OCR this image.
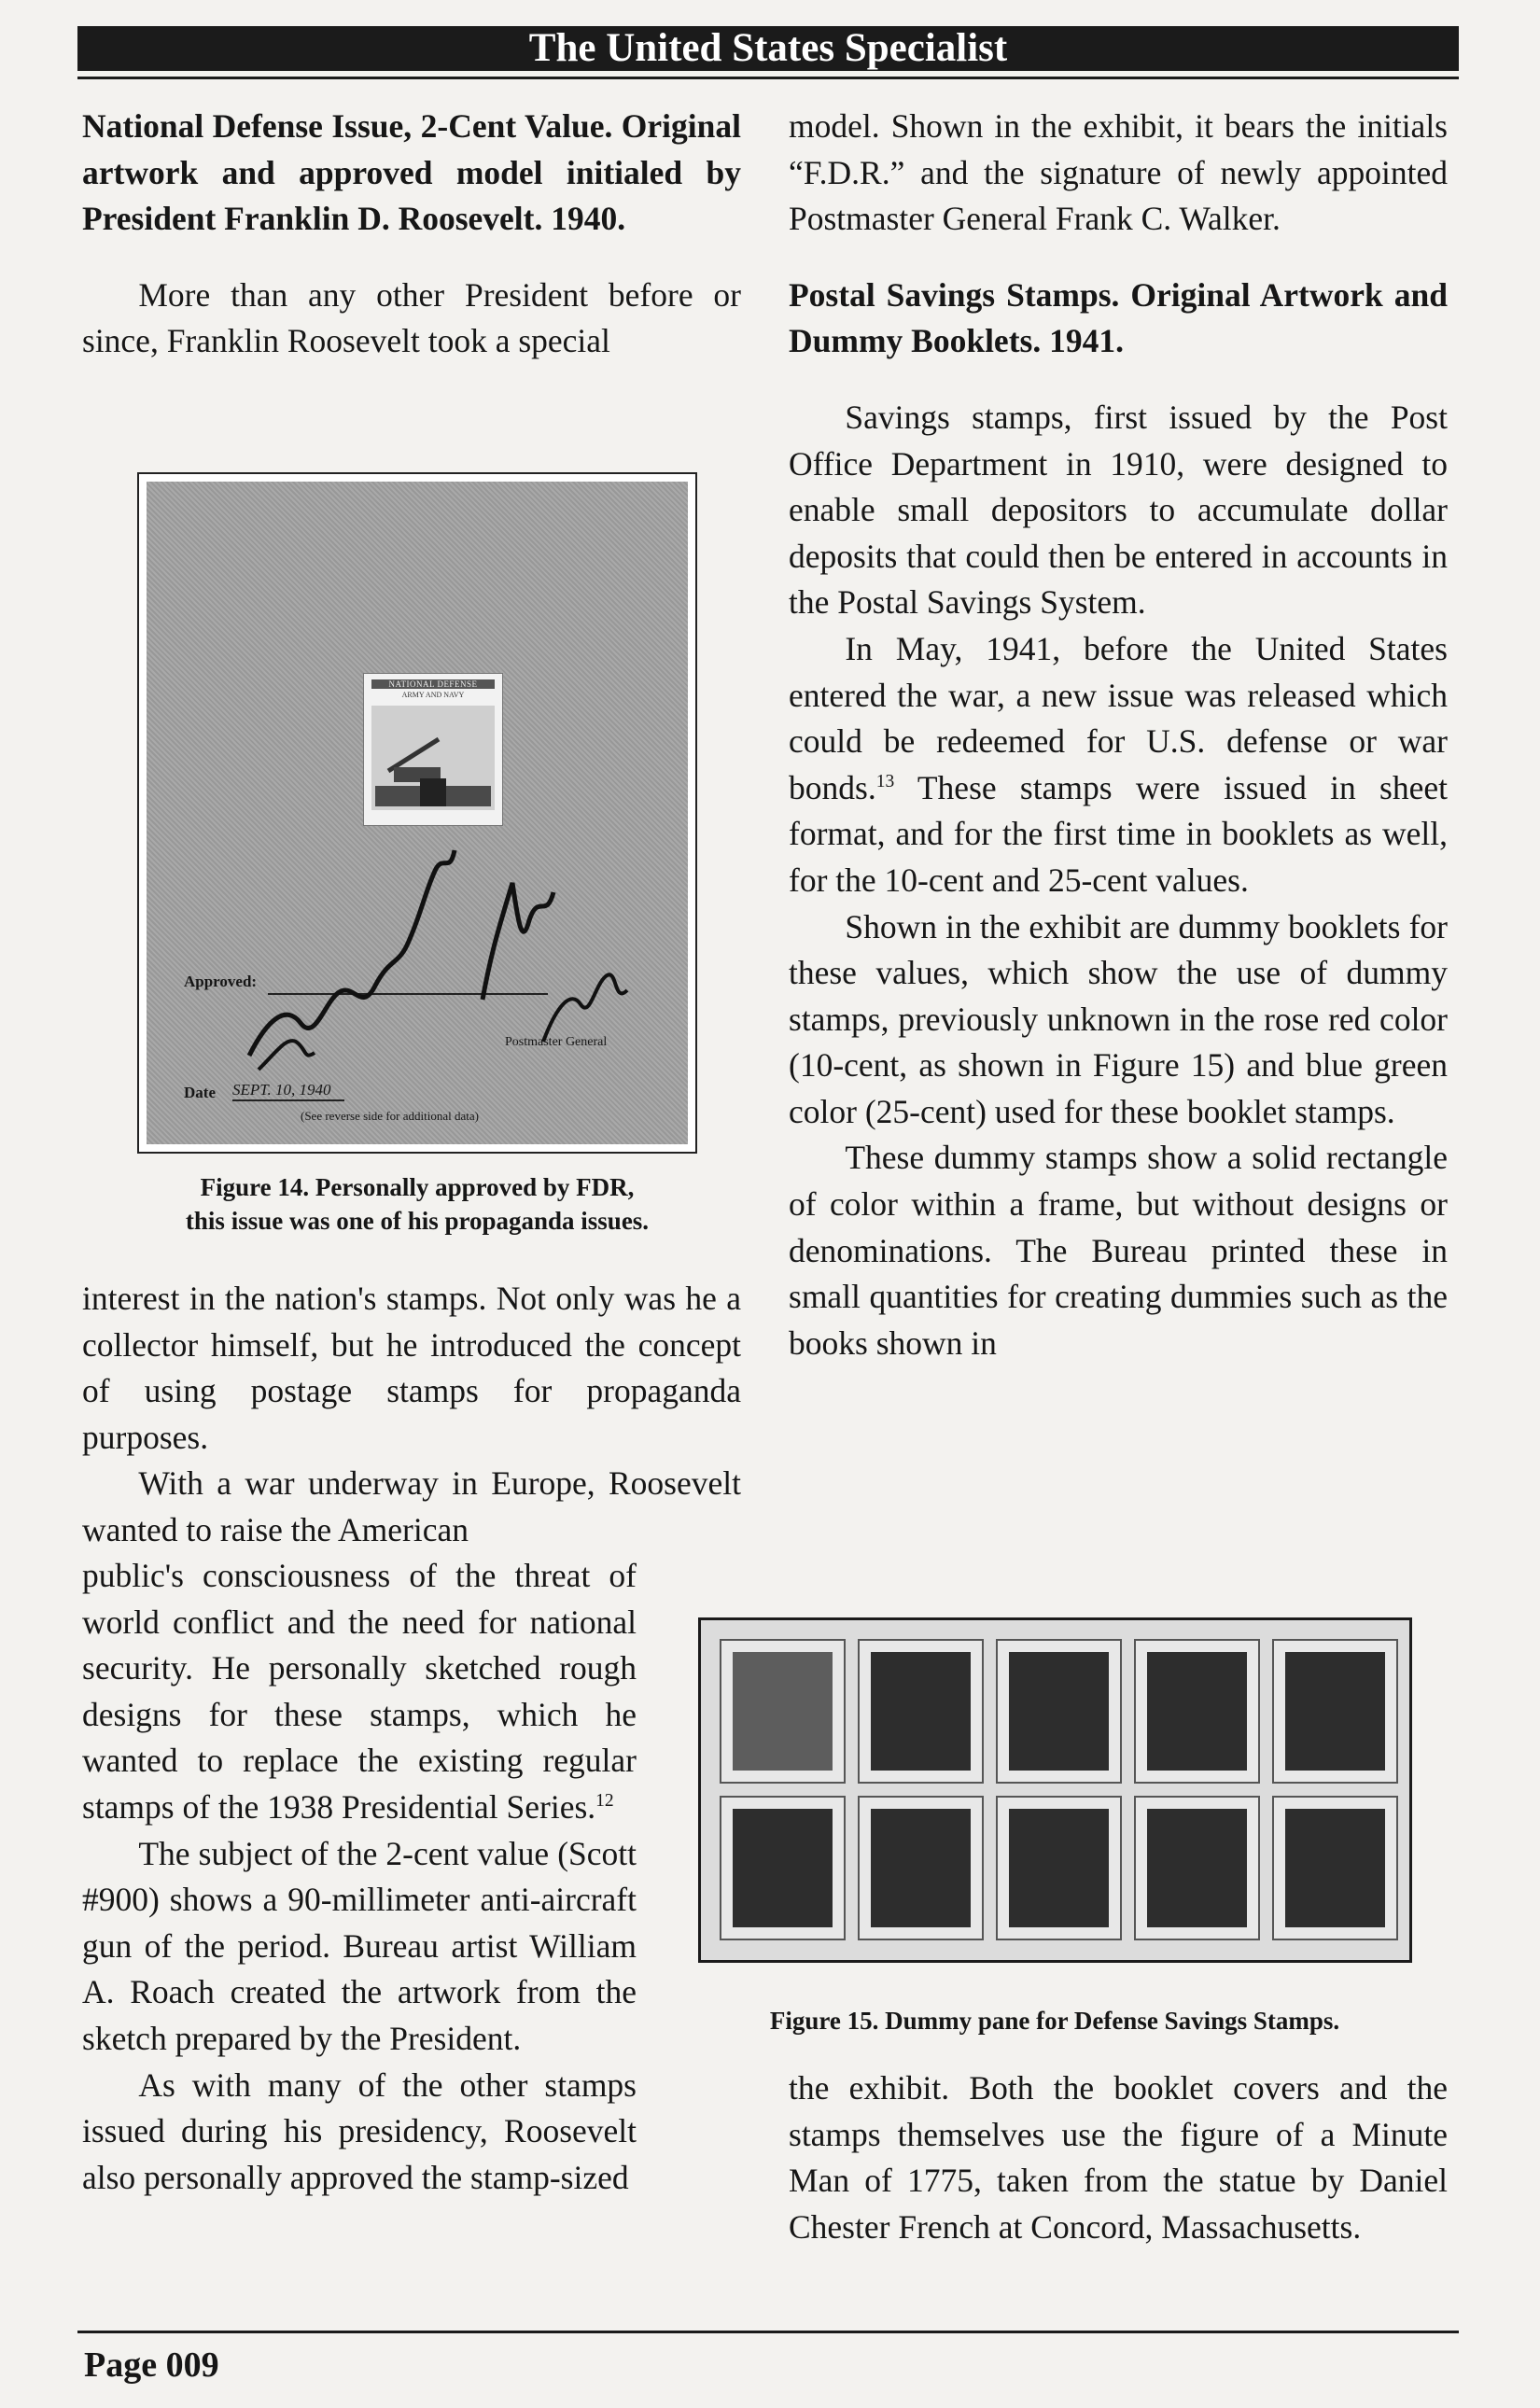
The United States Specialist

National Defense Issue, 2-Cent Value. Original artwork and approved model initialed by President Franklin D. Roosevelt. 1940.

More than any other President before or since, Franklin Roosevelt took a special

NATIONAL DEFENSE
ARMY AND NAVY
Approved:
Postmaster General
Date SEPT. 10, 1940
(See reverse side for additional data)
Figure 14. Personally approved by FDR,
this issue was one of his propaganda issues.

interest in the nation's stamps. Not only was he a collector himself, but he introduced the concept of using postage stamps for propaganda purposes.

With a war underway in Europe, Roosevelt wanted to raise the American

public's consciousness of the threat of world conflict and the need for national security. He personally sketched rough designs for these stamps, which he wanted to replace the existing regular stamps of the 1938 Presidential Series.$^{12}$

The subject of the 2-cent value (Scott #900) shows a 90-millimeter anti-aircraft gun of the period. Bureau artist William A. Roach created the artwork from the sketch prepared by the President.

As with many of the other stamps issued during his presidency, Roosevelt also personally approved the stamp-sized

model. Shown in the exhibit, it bears the initials “F.D.R.” and the signature of newly appointed Postmaster General Frank C. Walker.

Postal Savings Stamps. Original Artwork and Dummy Booklets. 1941.

Savings stamps, first issued by the Post Office Department in 1910, were designed to enable small depositors to accumulate dollar deposits that could then be entered in accounts in the Postal Savings System.

In May, 1941, before the United States entered the war, a new issue was released which could be redeemed for U.S. defense or war bonds.$^{13}$ These stamps were issued in sheet format, and for the first time in booklets as well, for the 10-cent and 25-cent values.

Shown in the exhibit are dummy booklets for these values, which show the use of dummy stamps, previously unknown in the rose red color (10-cent, as shown in Figure 15) and blue green color (25-cent) used for these booklet stamps.

These dummy stamps show a solid rectangle of color within a frame, but without designs or denominations. The Bureau printed these in small quantities for creating dummies such as the books shown in

Figure 15. Dummy pane for Defense Savings Stamps.

the exhibit. Both the booklet covers and the stamps themselves use the figure of a Minute Man of 1775, taken from the statue by Daniel Chester French at Concord, Massachusetts.

Page 009
